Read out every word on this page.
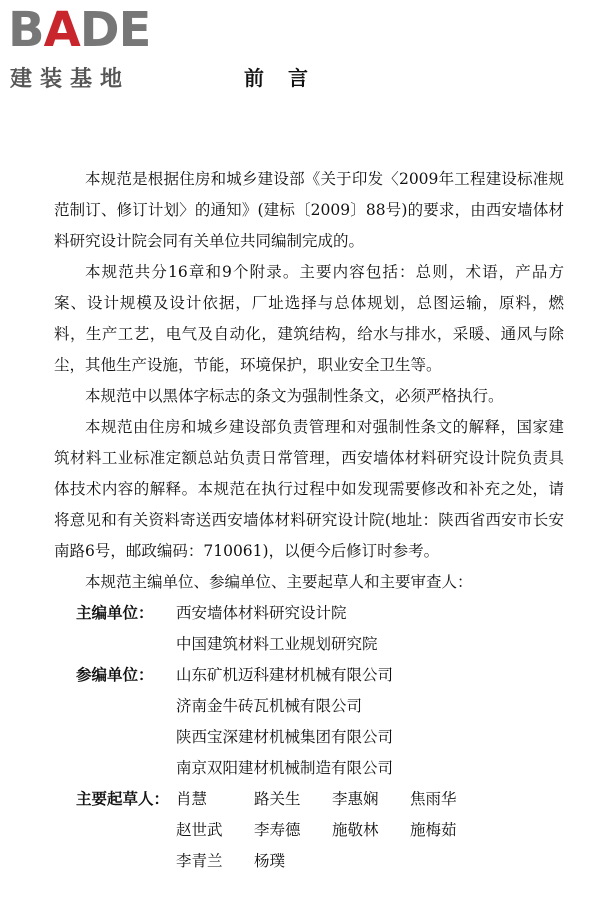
BADE
建装基地	前言

本规范是根据住房和城乡建设部《关于印发〈2009年工程建设标准规范制订、修订计划〉的通知》(建标〔2009〕88号)的要求，由西安墙体材料研究设计院会同有关单位共同编制完成的。

本规范共分16章和9个附录。主要内容包括：总则，术语，产品方案、设计规模及设计依据，厂址选择与总体规划，总图运输，原料，燃料，生产工艺，电气及自动化，建筑结构，给水与排水，采暖、通风与除尘，其他生产设施，节能，环境保护，职业安全卫生等。

本规范中以黑体字标志的条文为强制性条文，必须严格执行。

本规范由住房和城乡建设部负责管理和对强制性条文的解释，国家建筑材料工业标准定额总站负责日常管理，西安墙体材料研究设计院负责具体技术内容的解释。本规范在执行过程中如发现需要修改和补充之处，请将意见和有关资料寄送西安墙体材料研究设计院(地址：陕西省西安市长安南路6号，邮政编码：710061)，以便今后修订时参考。

本规范主编单位、参编单位、主要起草人和主要审查人：

主编单位：	西安墙体材料研究设计院
中国建筑材料工业规划研究院
参编单位：	山东矿机迈科建材机械有限公司
济南金牛砖瓦机械有限公司
陕西宝深建材机械集团有限公司
南京双阳建材机械制造有限公司
主要起草人： 肖慧	路关生	李惠娴	焦雨华
赵世武	李寿德	施敬林	施梅茹
李青兰	杨璞
